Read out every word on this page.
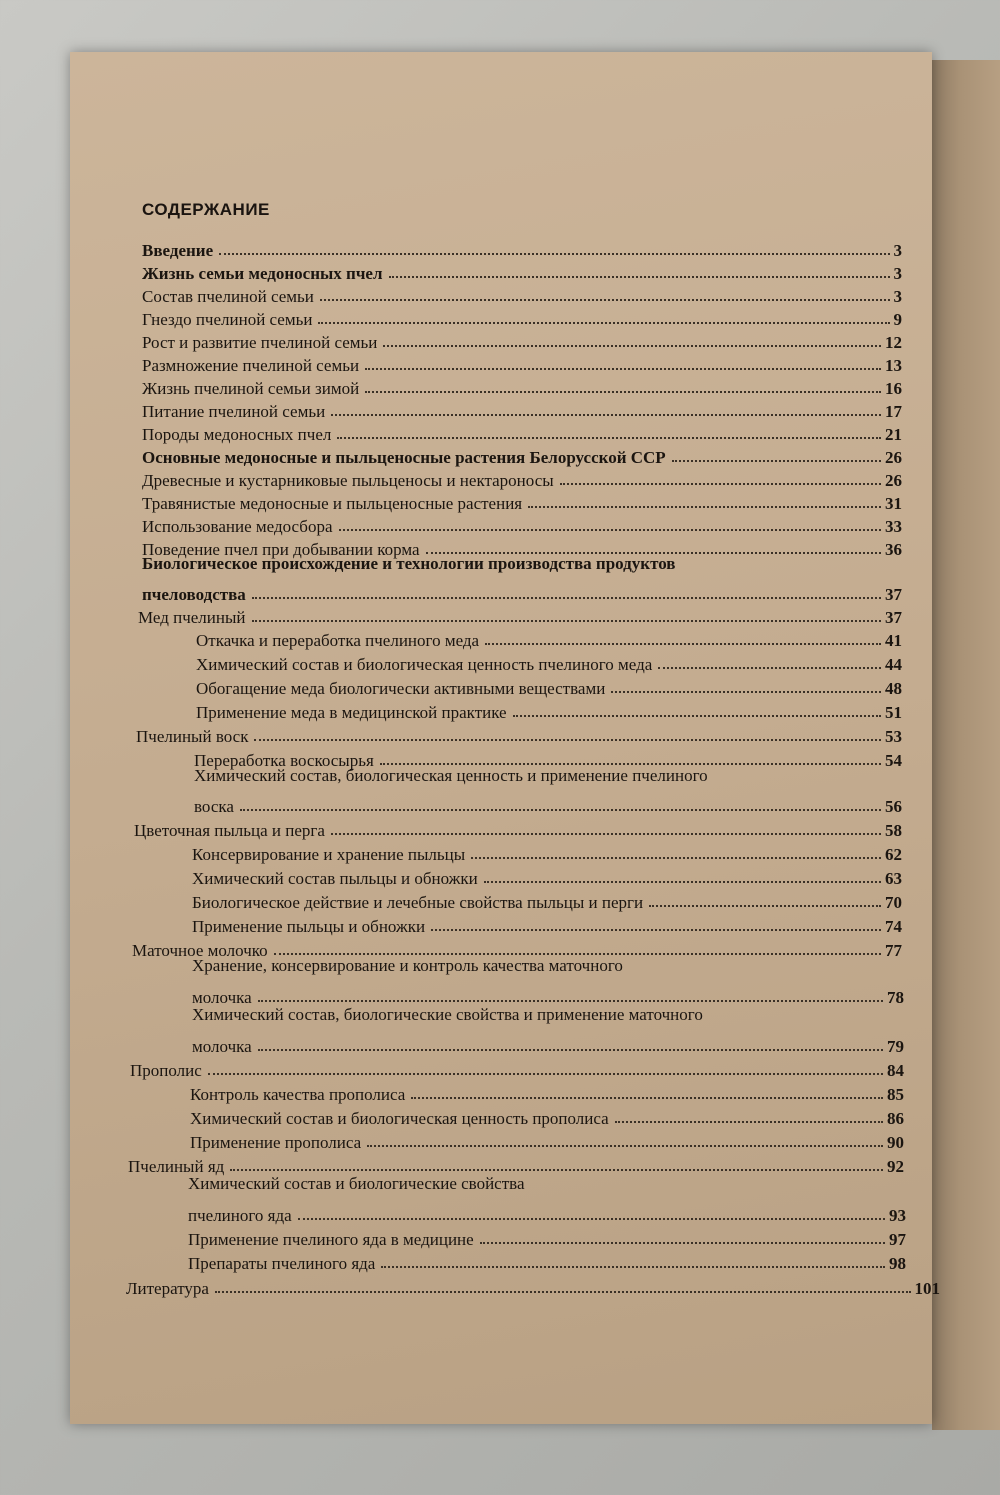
СОДЕРЖАНИЕ
Введение	3
Жизнь семьи медоносных пчел	3
Состав пчелиной семьи	3
Гнездо пчелиной семьи	9
Рост и развитие пчелиной семьи	12
Размножение пчелиной семьи	13
Жизнь пчелиной семьи зимой	16
Питание пчелиной семьи	17
Породы медоносных пчел	21
Основные медоносные и пыльценосные растения Белорусской ССР	26
Древесные и кустарниковые пыльценосы и нектароносы	26
Травянистые медоносные и пыльценосные растения	31
Использование медосбора	33
Поведение пчел при добывании корма	36
Биологическое происхождение и технологии производства продуктов
пчеловодства	37
Мед пчелиный	37
Откачка и переработка пчелиного меда	41
Химический состав и биологическая ценность пчелиного меда	44
Обогащение меда биологически активными веществами	48
Применение меда в медицинской практике	51
Пчелиный воск	53
Переработка воскосырья	54
Химический состав, биологическая ценность и применение пчелиного
воска	56
Цветочная пыльца и перга	58
Консервирование и хранение пыльцы	62
Химический состав пыльцы и обножки	63
Биологическое действие и лечебные свойства пыльцы и перги	70
Применение пыльцы и обножки	74
Маточное молочко	77
Хранение, консервирование и контроль качества маточного
молочка	78
Химический состав, биологические свойства и применение маточного
молочка	79
Прополис	84
Контроль качества прополиса	85
Химический состав и биологическая ценность прополиса	86
Применение прополиса	90
Пчелиный яд	92
Химический состав и биологические свойства
пчелиного яда	93
Применение пчелиного яда в медицине	97
Препараты пчелиного яда	98
Литература	101
